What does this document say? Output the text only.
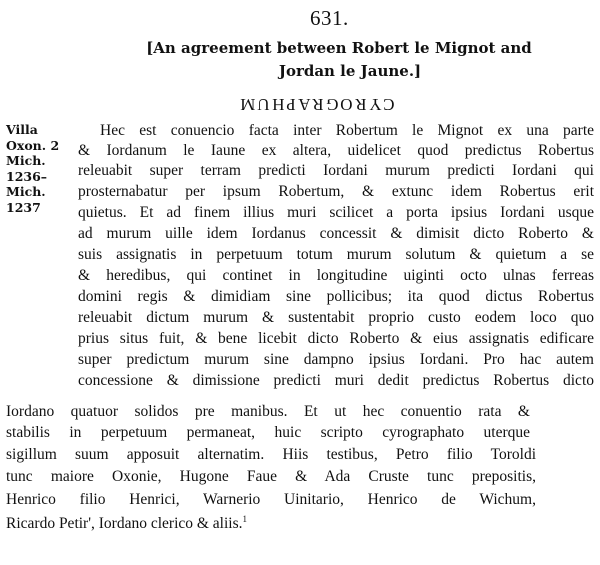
631.
[An agreement between Robert le Mignot and
Jordan le Jaune.]
MUHPARGORYC
Villa
Oxon. 2
Mich.
1236–
Mich.
1237
Hec est conuencio facta inter Robertum le Mignot ex una parte
& Iordanum le Iaune ex altera, uidelicet quod predictus Robertus
releuabit super terram predicti Iordani murum predicti Iordani qui
prosternabatur per ipsum Robertum, & extunc idem Robertus erit
quietus. Et ad finem illius muri scilicet a porta ipsius Iordani usque
ad murum uille idem Iordanus concessit & dimisit dicto Roberto &
suis assignatis in perpetuum totum murum solutum & quietum a se
& heredibus, qui continet in longitudine uiginti octo ulnas ferreas
domini regis & dimidiam sine pollicibus; ita quod dictus Robertus
releuabit dictum murum & sustentabit proprio custo eodem loco quo
prius situs fuit, & bene licebit dicto Roberto & eius assignatis edificare
super predictum murum sine dampno ipsius Iordani. Pro hac autem
concessione & dimissione predicti muri dedit predictus Robertus dicto
Iordano quatuor solidos pre manibus. Et ut hec conuentio rata &
stabilis in perpetuum permaneat, huic scripto cyrographato uterque
sigillum suum apposuit alternatim. Hiis testibus, Petro filio Toroldi
tunc maiore Oxonie, Hugone Faue & Ada Cruste tunc prepositis,
Henrico filio Henrici, Warnerio Uinitario, Henrico de Wichum,
Ricardo Petir', Iordano clerico & aliis.$^1$
